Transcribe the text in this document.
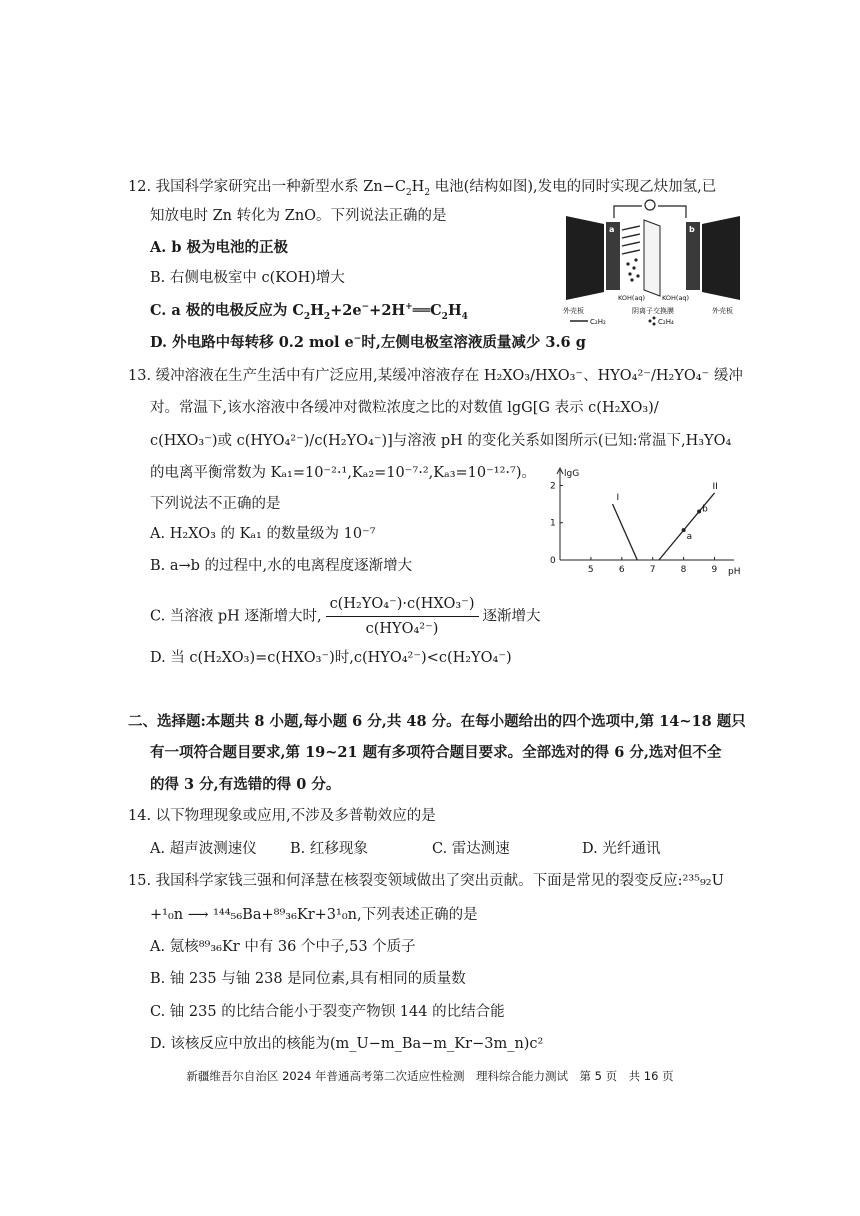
12. 我国科学家研究出一种新型水系 $Zn-C_2H_2$ 电池(结构如图),发电的同时实现乙炔加氢,已
知放电时 Zn 转化为 ZnO。下列说法正确的是
A. b 极为电池的正极
B. 右侧电极室中 c(KOH)增大
C. a 极的电极反应为 $C_2H_2+2e^-+2H^+══C_2H_4$
D. 外电路中每转移 0.2 mol e−时,左侧电极室溶液质量减少 3.6 g
a	b
KOH(aq)	KOH(aq)
外壳板	阴离子交换膜	外壳板
C₂H₂	C₂H₄
13. 缓冲溶液在生产生活中有广泛应用,某缓冲溶液存在 H₂XO₃/HXO₃⁻、HYO₄²⁻/H₂YO₄⁻ 缓冲
对。常温下,该水溶液中各缓冲对微粒浓度之比的对数值 lgG[G 表示 c(H₂XO₃)/
c(HXO₃⁻)或 c(HYO₄²⁻)/c(H₂YO₄⁻)]与溶液 pH 的变化关系如图所示(已知:常温下,H₃YO₄
的电离平衡常数为 Kₐ₁=10⁻²·¹,Kₐ₂=10⁻⁷·²,Kₐ₃=10⁻¹²·⁷)。
下列说法不正确的是
A. H₂XO₃ 的 Kₐ₁ 的数量级为 10⁻⁷
B. a→b 的过程中,水的电离程度逐渐增大
C. 当溶液 pH 逐渐增大时, $\frac{\text{c(H₂YO₄⁻)·c(HXO₃⁻)}}{\text{c(HYO₄²⁻)}}$ 逐渐增大
D. 当 c(H₂XO₃)=c(HXO₃⁻)时,c(HYO₄²⁻)<c(H₂YO₄⁻)
lgG
pH
5	6	7	8	9
0
1
2
I
II
a
b
二、选择题:本题共 8 小题,每小题 6 分,共 48 分。在每小题给出的四个选项中,第 14~18 题只
有一项符合题目要求,第 19~21 题有多项符合题目要求。全部选对的得 6 分,选对但不全
的得 3 分,有选错的得 0 分。
14. 以下物理现象或应用,不涉及多普勒效应的是
A. 超声波测速仪 B. 红移现象	C. 雷达测速	D. 光纤通讯
15. 我国科学家钱三强和何泽慧在核裂变领域做出了突出贡献。下面是常见的裂变反应:²³⁵₉₂U
+¹₀n ⟶ ¹⁴⁴₅₆Ba+⁸⁹₃₆Kr+3¹₀n,下列表述正确的是
A. 氪核⁸⁹₃₆Kr 中有 36 个中子,53 个质子
B. 铀 235 与铀 238 是同位素,具有相同的质量数
C. 铀 235 的比结合能小于裂变产物钡 144 的比结合能
D. 该核反应中放出的核能为(m_U−m_Ba−m_Kr−3m_n)c²
新疆维吾尔自治区 2024 年普通高考第二次适应性检测　理科综合能力测试　第 5 页　共 16 页
